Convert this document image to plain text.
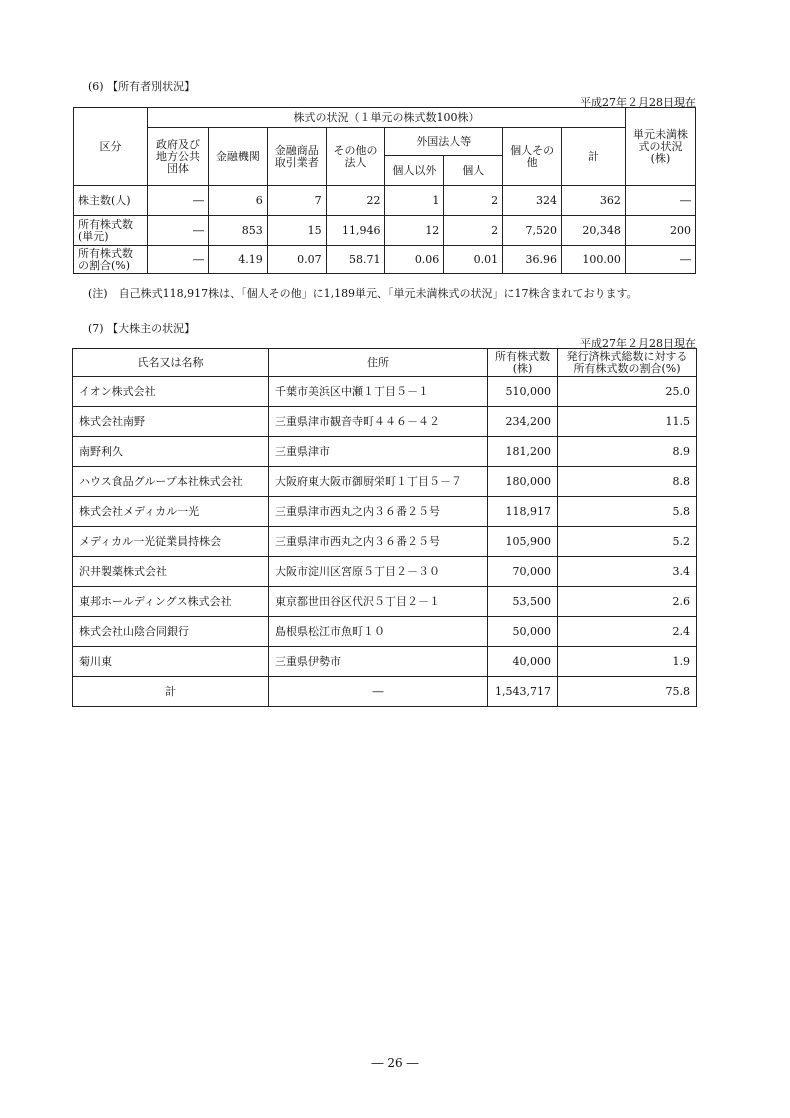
(6) 【所有者別状況】
平成27年２月28日現在
区分	株式の状況（１単元の株式数100株）								単元未満株式の状況(株)
	政府及び地方公共団体	金融機関	金融商品取引業者	その他の法人	外国法人等		個人その他	計	
					個人以外	個人			
株主数(人)	―	6	7	22	1	2	324	362	―
所有株式数(単元)	―	853	15	11,946	12	2	7,520	20,348	200
所有株式数の割合(%)	―	4.19	0.07	58.71	0.06	0.01	36.96	100.00	―
(注)　自己株式118,917株は、「個人その他」に1,189単元、「単元未満株式の状況」に17株含まれております。
(7) 【大株主の状況】
平成27年２月28日現在
氏名又は名称	住所	所有株式数(株)	発行済株式総数に対する所有株式数の割合(%)
イオン株式会社	千葉市美浜区中瀬１丁目５－１	510,000	25.0
株式会社南野	三重県津市観音寺町４４６－４２	234,200	11.5
南野利久	三重県津市	181,200	8.9
ハウス食品グループ本社株式会社	大阪府東大阪市御厨栄町１丁目５－７	180,000	8.8
株式会社メディカル一光	三重県津市西丸之内３６番２５号	118,917	5.8
メディカル一光従業員持株会	三重県津市西丸之内３６番２５号	105,900	5.2
沢井製薬株式会社	大阪市淀川区宮原５丁目２－３０	70,000	3.4
東邦ホールディングス株式会社	東京都世田谷区代沢５丁目２－１	53,500	2.6
株式会社山陰合同銀行	島根県松江市魚町１０	50,000	2.4
菊川東	三重県伊勢市	40,000	1.9
計	―	1,543,717	75.8
― 26 ―
